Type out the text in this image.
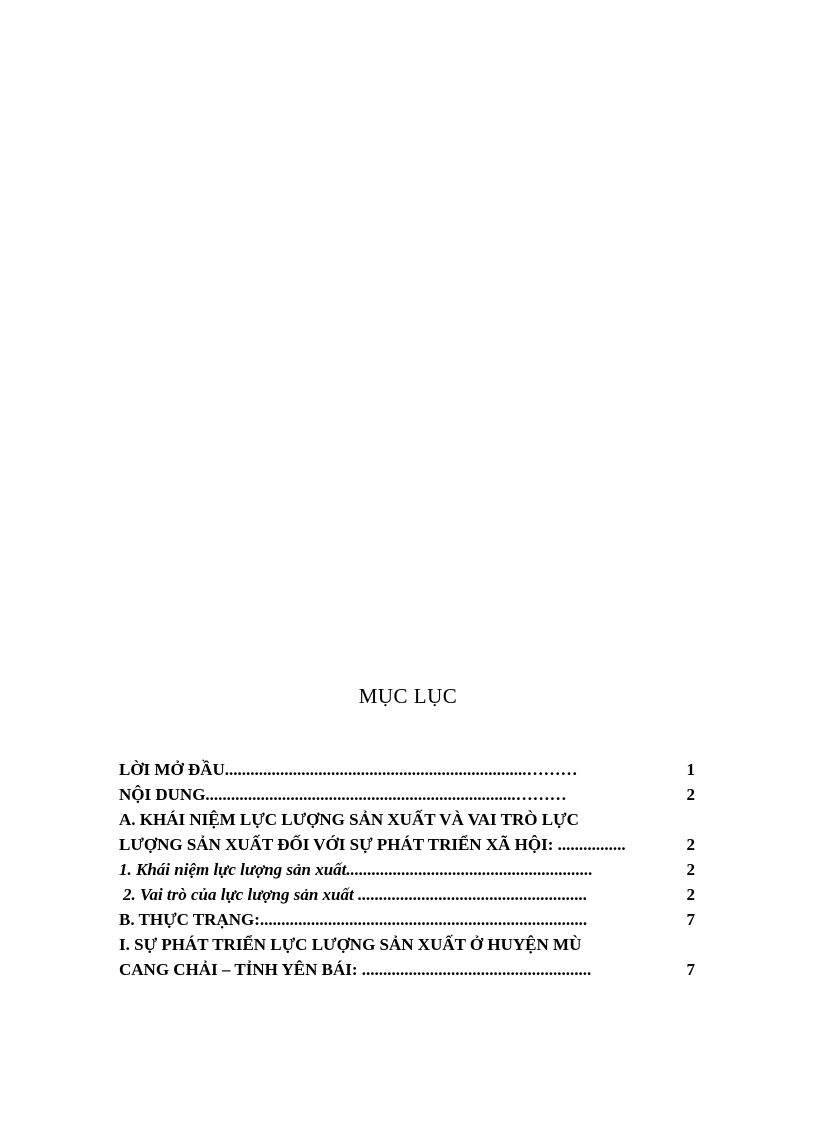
MỤC LỤC
LỜI MỞ ĐẦU.......................................................................………	1
NỘI DUNG.........................................................................………	2
A. KHÁI NIỆM LỰC LƯỢNG SẢN XUẤT VÀ VAI TRÒ LỰC
LƯỢNG SẢN XUẤT ĐỐI VỚI SỰ PHÁT TRIỂN XÃ HỘI: ................	2
1. Khái niệm lực lượng sản xuất..........................................................	2
2. Vai trò của lực lượng sản xuất ......................................................	2
B. THỰC TRẠNG:.............................................................................	7
I. SỰ PHÁT TRIỂN LỰC LƯỢNG SẢN XUẤT Ở HUYỆN MÙ
CANG CHẢI – TỈNH YÊN BÁI: ......................................................	7
